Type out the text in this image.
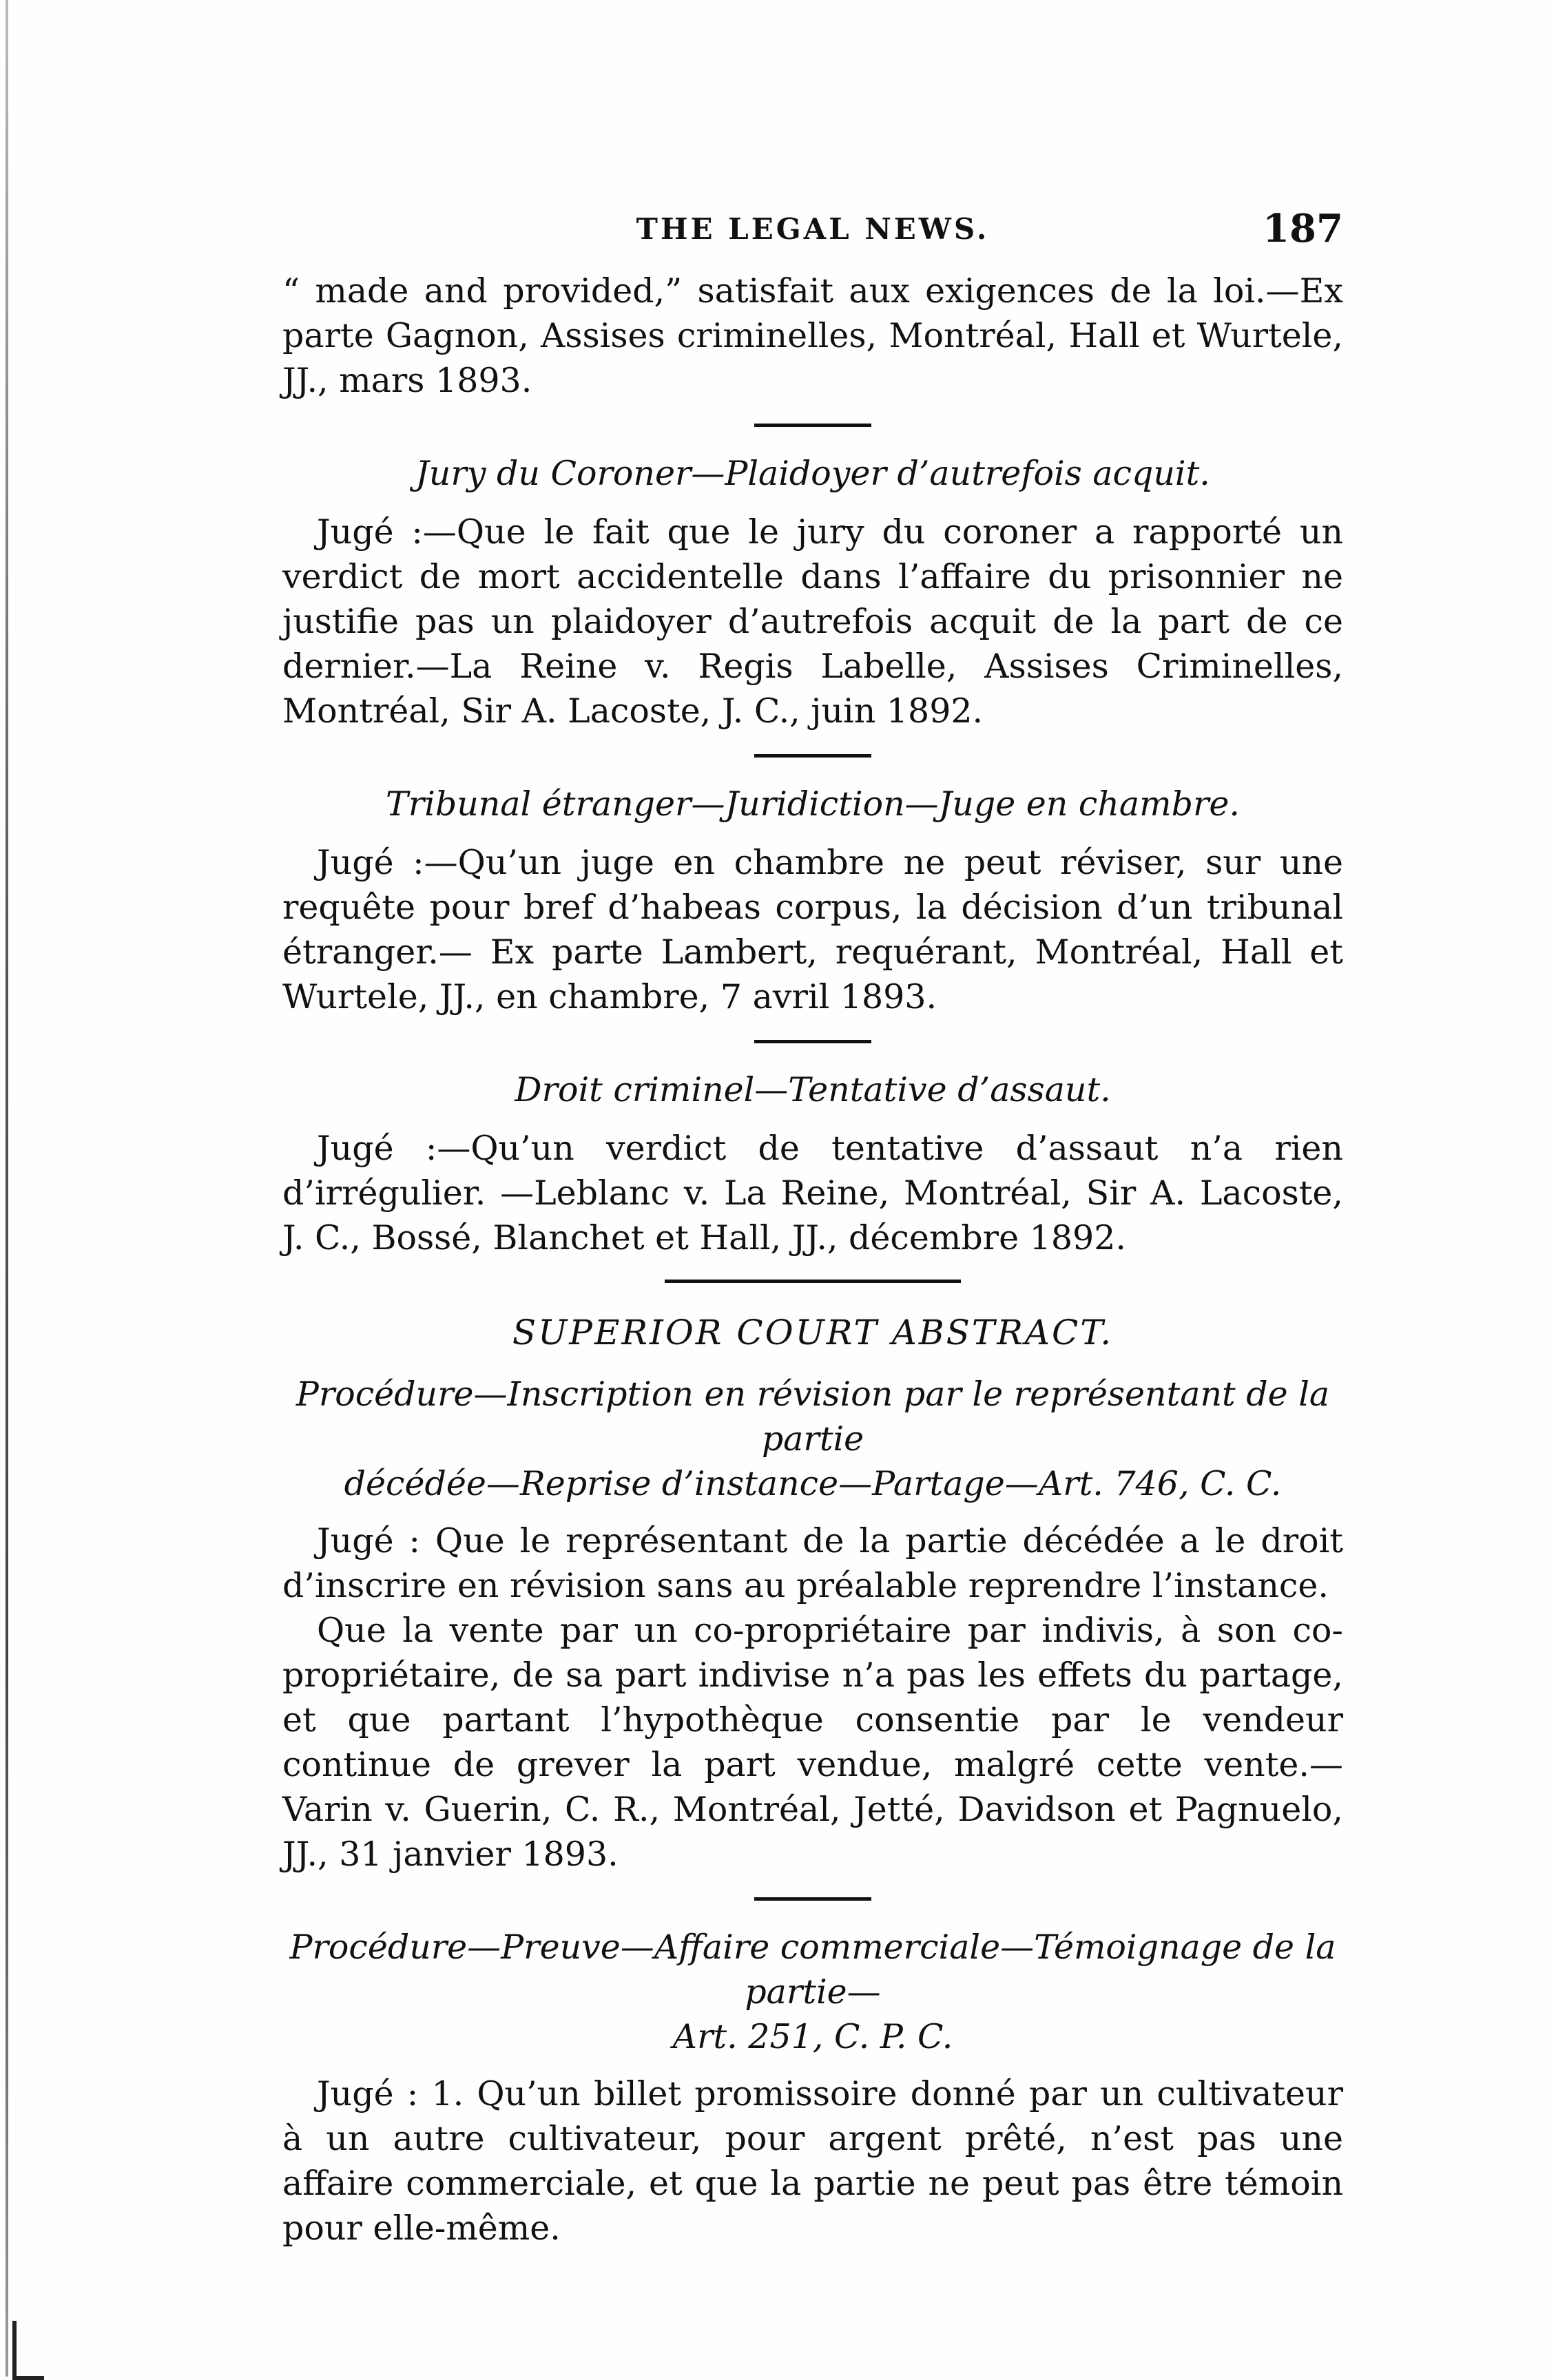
THE LEGAL NEWS.	187

“ made and provided,” satisfait aux exigences de la loi.—Ex parte Gagnon, Assises criminelles, Montréal, Hall et Wurtele, JJ., mars 1893.

Jury du Coroner—Plaidoyer d’autrefois acquit.

Jugé :—Que le fait que le jury du coroner a rapporté un verdict de mort accidentelle dans l’affaire du prisonnier ne justifie pas un plaidoyer d’autrefois acquit de la part de ce dernier.—La Reine v. Regis Labelle, Assises Criminelles, Montréal, Sir A. Lacoste, J. C., juin 1892.

Tribunal étranger—Juridiction—Juge en chambre.

Jugé :—Qu’un juge en chambre ne peut réviser, sur une requête pour bref d’habeas corpus, la décision d’un tribunal étranger.— Ex parte Lambert, requérant, Montréal, Hall et Wurtele, JJ., en chambre, 7 avril 1893.

Droit criminel—Tentative d’assaut.

Jugé :—Qu’un verdict de tentative d’assaut n’a rien d’irrégulier. —Leblanc v. La Reine, Montréal, Sir A. Lacoste, J. C., Bossé, Blanchet et Hall, JJ., décembre 1892.

SUPERIOR COURT ABSTRACT.
Procédure—Inscription en révision par le représentant de la partie
décédée—Reprise d’instance—Partage—Art. 746, C. C.

Jugé : Que le représentant de la partie décédée a le droit d’inscrire en révision sans au préalable reprendre l’instance.

Que la vente par un co-propriétaire par indivis, à son co-propriétaire, de sa part indivise n’a pas les effets du partage, et que partant l’hypothèque consentie par le vendeur continue de grever la part vendue, malgré cette vente.— Varin v. Guerin, C. R., Montréal, Jetté, Davidson et Pagnuelo, JJ., 31 janvier 1893.

Procédure—Preuve—Affaire commerciale—Témoignage de la partie—
Art. 251, C. P. C.

Jugé : 1. Qu’un billet promissoire donné par un cultivateur à un autre cultivateur, pour argent prêté, n’est pas une affaire commerciale, et que la partie ne peut pas être témoin pour elle-même.
